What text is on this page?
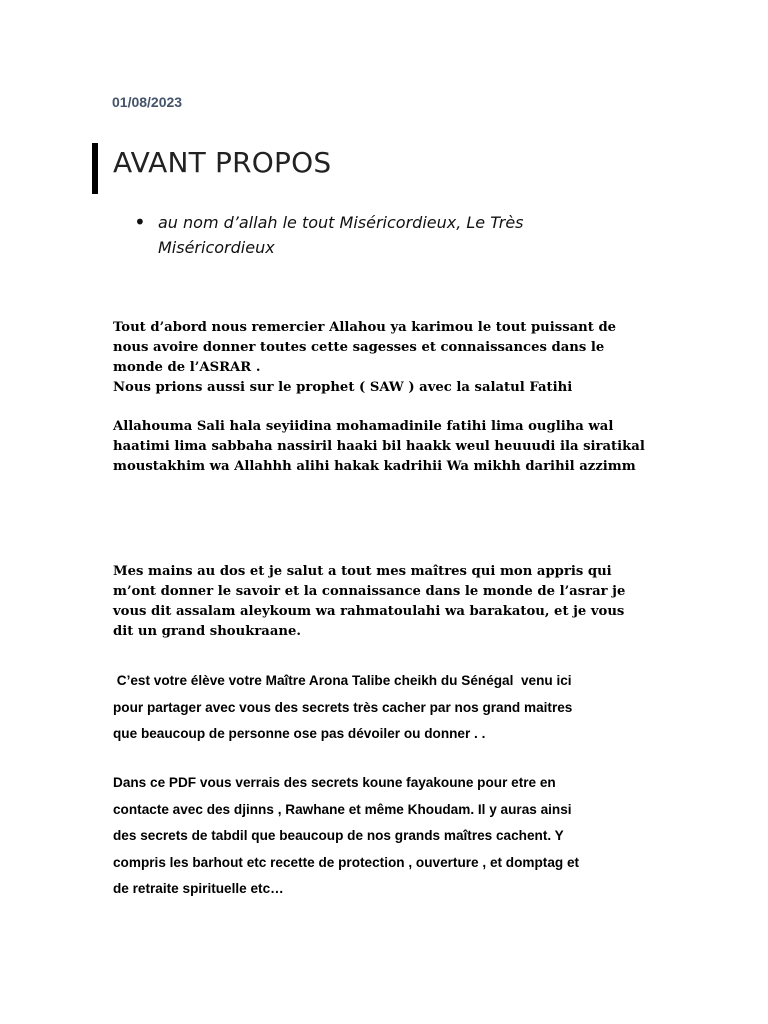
01/08/2023
AVANT PROPOS
• au nom d’allah le tout Miséricordieux, Le Très
Miséricordieux

Tout d’abord nous remercier Allahou ya karimou le tout puissant de
nous avoire donner toutes cette sagesses et connaissances dans le
monde de l’ASRAR .
Nous prions aussi sur le prophet ( SAW ) avec la salatul Fatihi

Allahouma Sali hala seyiidina mohamadinile fatihi lima ougliha wal
haatimi lima sabbaha nassiril haaki bil haakk weul heuuudi ila siratikal
moustakhim wa Allahhh alihi hakak kadrihii Wa mikhh darihil azzimm

Mes mains au dos et je salut a tout mes maîtres qui mon appris qui
m’ont donner le savoir et la connaissance dans le monde de l’asrar je
vous dit assalam aleykoum wa rahmatoulahi wa barakatou, et je vous
dit un grand shoukraane.

C’est votre élève votre Maître Arona Talibe cheikh du Sénégal  venu ici
pour partager avec vous des secrets très cacher par nos grand maitres
que beaucoup de personne ose pas dévoiler ou donner . .

Dans ce PDF vous verrais des secrets koune fayakoune pour etre en
contacte avec des djinns , Rawhane et même Khoudam. Il y auras ainsi
des secrets de tabdil que beaucoup de nos grands maîtres cachent. Y
compris les barhout etc recette de protection , ouverture , et domptag et
de retraite spirituelle etc…
